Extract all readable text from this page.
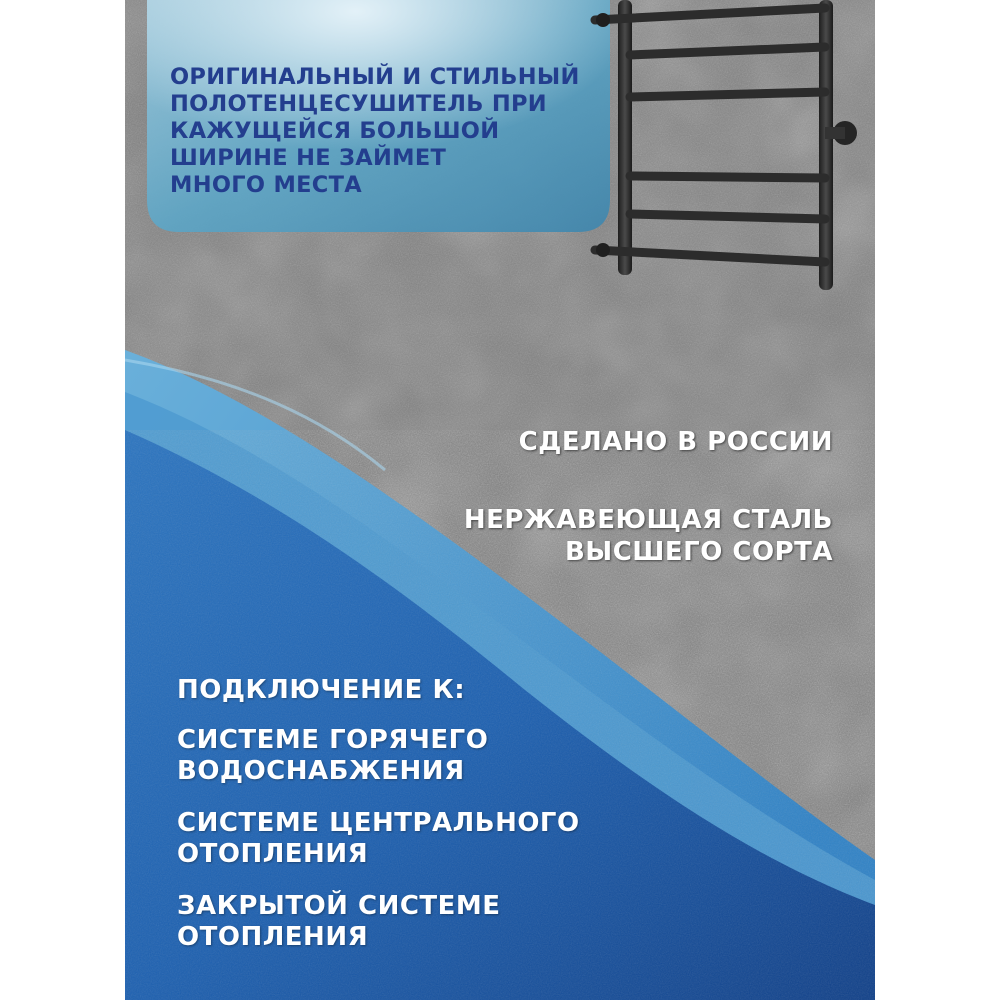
ОРИГИНАЛЬНЫЙ И СТИЛЬНЫЙ
ПОЛОТЕНЦЕСУШИТЕЛЬ ПРИ
КАЖУЩЕЙСЯ БОЛЬШОЙ
ШИРИНЕ НЕ ЗАЙМЕТ
МНОГО МЕСТА
СДЕЛАНО В РОССИИ
НЕРЖАВЕЮЩАЯ СТАЛЬ
ВЫСШЕГО СОРТА
ПОДКЛЮЧЕНИЕ К:
СИСТЕМЕ ГОРЯЧЕГО
ВОДОСНАБЖЕНИЯ
СИСТЕМЕ ЦЕНТРАЛЬНОГО
ОТОПЛЕНИЯ
ЗАКРЫТОЙ СИСТЕМЕ
ОТОПЛЕНИЯ
